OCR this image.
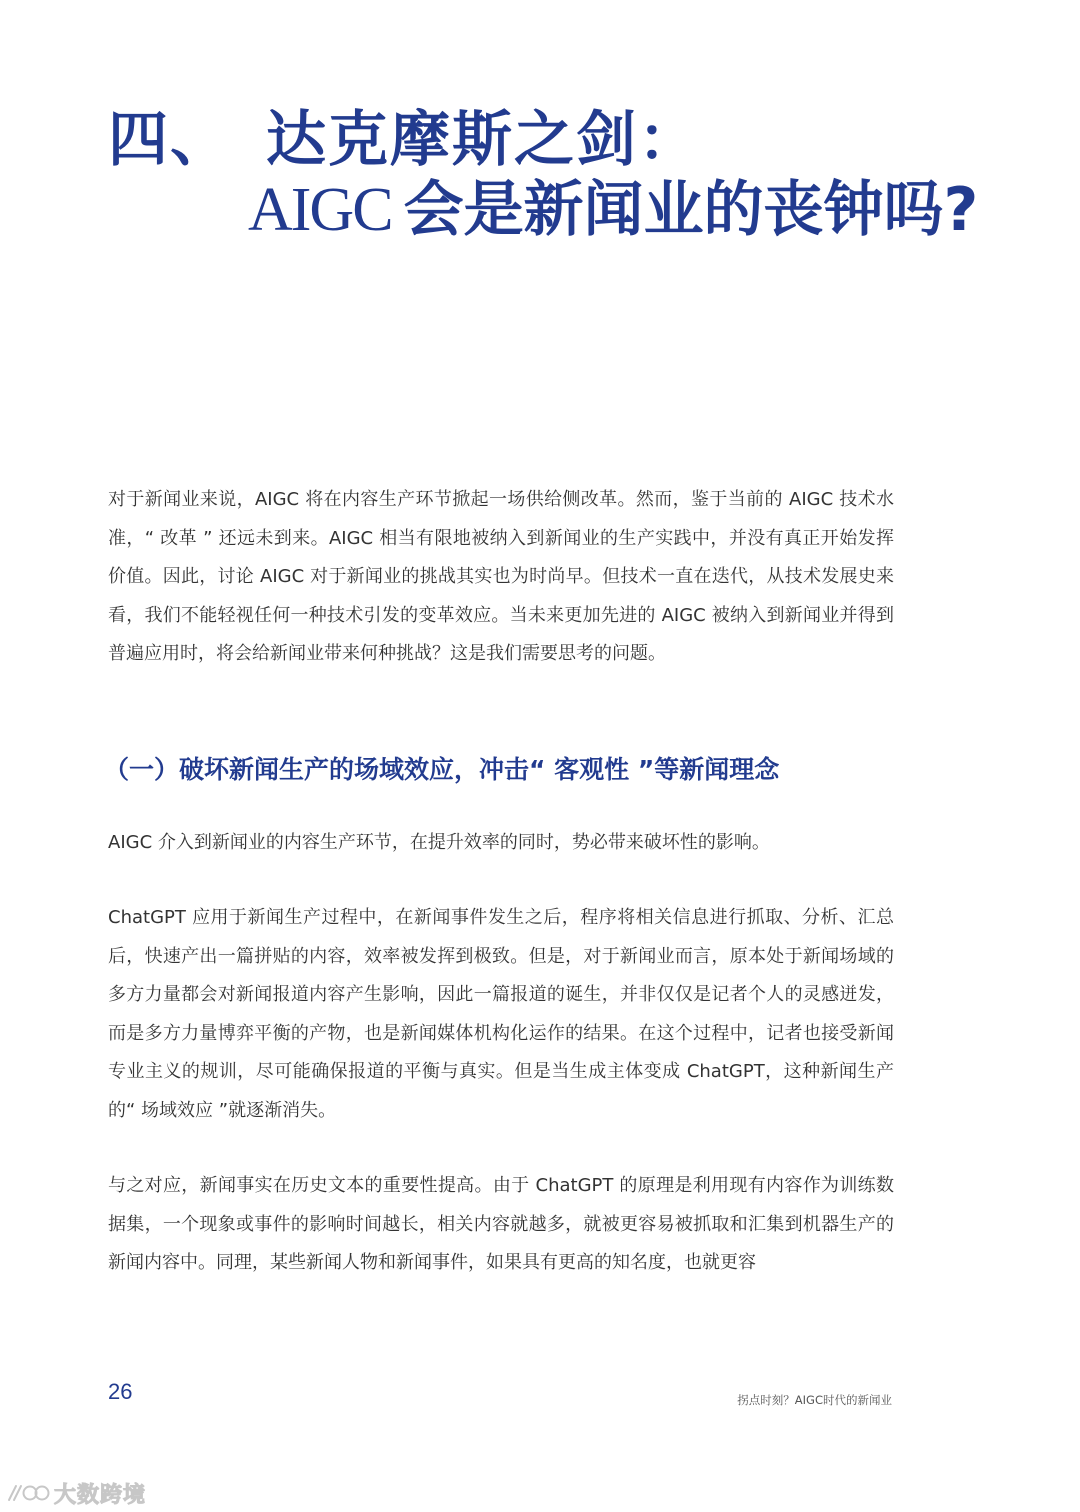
四、 达克摩斯之剑：
AIGC 会是新闻业的丧钟吗?

对于新闻业来说，AIGC 将在内容生产环节掀起一场供给侧改革。然而，鉴于当前的 AIGC 技术水准，“ 改革 ” 还远未到来。AIGC 相当有限地被纳入到新闻业的生产实践中，并没有真正开始发挥价值。因此，讨论 AIGC 对于新闻业的挑战其实也为时尚早。但技术一直在迭代，从技术发展史来看，我们不能轻视任何一种技术引发的变革效应。当未来更加先进的 AIGC 被纳入到新闻业并得到普遍应用时，将会给新闻业带来何种挑战？这是我们需要思考的问题。

（一）破坏新闻生产的场域效应，冲击“ 客观性 ”等新闻理念

AIGC 介入到新闻业的内容生产环节，在提升效率的同时，势必带来破坏性的影响。

ChatGPT 应用于新闻生产过程中，在新闻事件发生之后，程序将相关信息进行抓取、分析、汇总后，快速产出一篇拼贴的内容，效率被发挥到极致。但是，对于新闻业而言，原本处于新闻场域的多方力量都会对新闻报道内容产生影响，因此一篇报道的诞生，并非仅仅是记者个人的灵感迸发，而是多方力量博弈平衡的产物，也是新闻媒体机构化运作的结果。在这个过程中，记者也接受新闻专业主义的规训，尽可能确保报道的平衡与真实。但是当生成主体变成 ChatGPT，这种新闻生产的“ 场域效应 ”就逐渐消失。

与之对应，新闻事实在历史文本的重要性提高。由于 ChatGPT 的原理是利用现有内容作为训练数据集，一个现象或事件的影响时间越长，相关内容就越多，就被更容易被抓取和汇集到机器生产的新闻内容中。同理，某些新闻人物和新闻事件，如果具有更高的知名度，也就更容

26	拐点时刻？AIGC时代的新闻业
大数跨境
